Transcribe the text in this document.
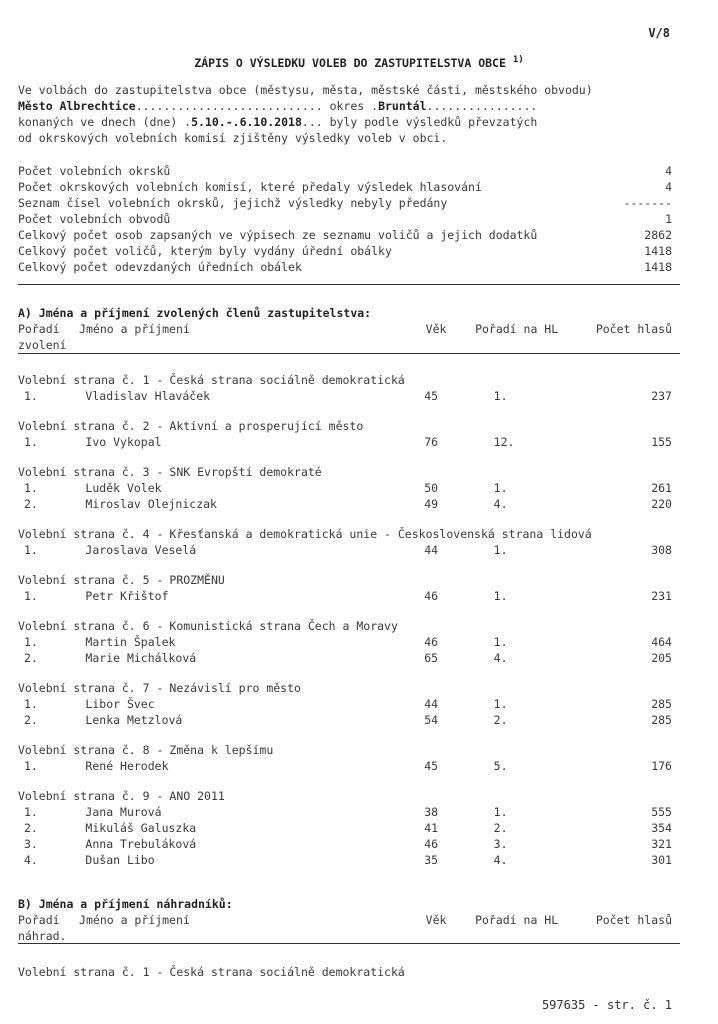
V/8
ZÁPIS O VÝSLEDKU VOLEB DO ZASTUPITELSTVA OBCE $^{1)}$
Ve volbách do zastupitelstva obce (městysu, města, městské části, městského obvodu)
Město Albrechtice........................... okres .Bruntál................
konaných ve dnech (dne) .5.10.-.6.10.2018... byly podle výsledků převzatých
od okrskových volebních komisí zjištěny výsledky voleb v obci.
Počet volebních okrsků	4
Počet okrskových volebních komisí, které předaly výsledek hlasování	4
Seznam čísel volebních okrsků, jejichž výsledky nebyly předány	-------
Počet volebních obvodů	1
Celkový počet osob zapsaných ve výpisech ze seznamu voličů a jejich dodatků	2862
Celkový počet voličů, kterým byly vydány úřední obálky	1418
Celkový počet odevzdaných úředních obálek	1418
A) Jména a příjmení zvolených členů zastupitelstva:
Pořadí	Jméno a příjmení	Věk	Pořadí na HL	Počet hlasů
zvolení
Volební strana č. 1 - Česká strana sociálně demokratická
1.	Vladislav Hlaváček	45	1.	237
Volební strana č. 2 - Aktivní a prosperující město
1.	Ivo Vykopal	76	12.	155
Volební strana č. 3 - SNK Evropští demokraté
1.	Luděk Volek	50	1.	261
2.	Miroslav Olejniczak	49	4.	220
Volební strana č. 4 - Křesťanská a demokratická unie - Československá strana lidová
1.	Jaroslava Veselá	44	1.	308
Volební strana č. 5 - PROZMĚNU
1.	Petr Křištof	46	1.	231
Volební strana č. 6 - Komunistická strana Čech a Moravy
1.	Martin Špalek	46	1.	464
2.	Marie Michálková	65	4.	205
Volební strana č. 7 - Nezávislí pro město
1.	Libor Švec	44	1.	285
2.	Lenka Metzlová	54	2.	285
Volební strana č. 8 - Změna k lepšímu
1.	René Herodek	45	5.	176
Volební strana č. 9 - ANO 2011
1.	Jana Murová	38	1.	555
2.	Mikuláš Galuszka	41	2.	354
3.	Anna Trebuláková	46	3.	321
4.	Dušan Libo	35	4.	301
B) Jména a příjmení náhradníků:
Pořadí	Jméno a příjmení	Věk	Pořadí na HL	Počet hlasů
náhrad.
Volební strana č. 1 - Česká strana sociálně demokratická
597635 - str. č. 1
